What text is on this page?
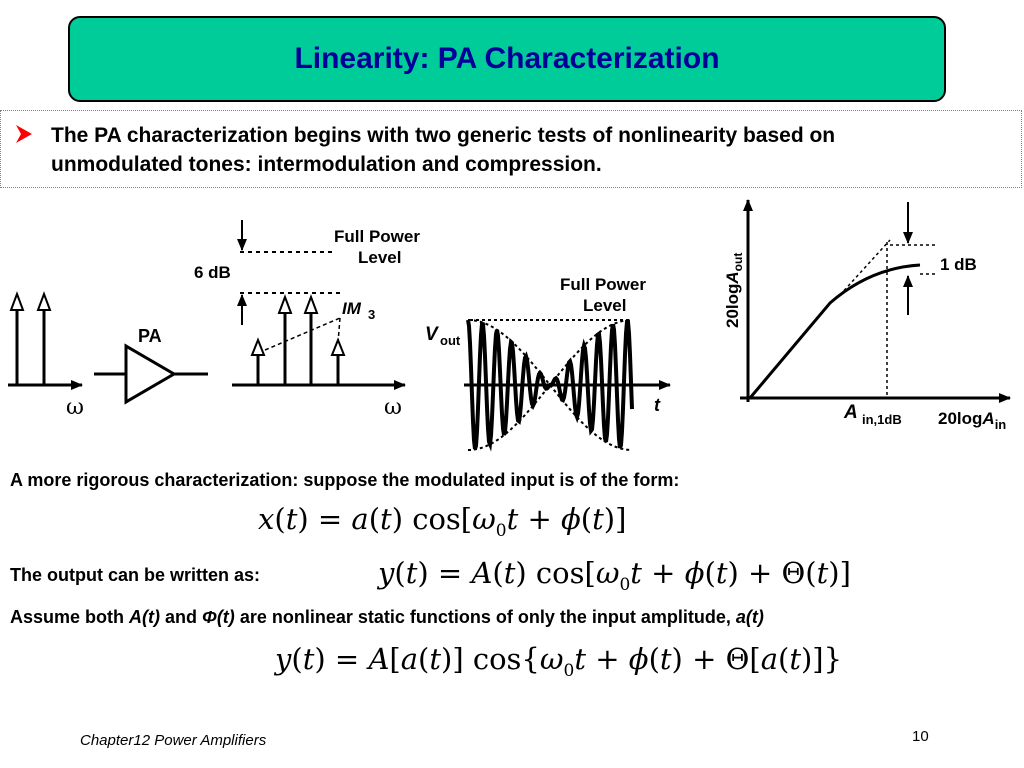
Linearity: PA Characterization
The PA characterization begins with two generic tests of nonlinearity based on
unmodulated tones: intermodulation and compression.
ω
PA
6 dB
Full Power
Level
IM 3
ω
V out
t
Full Power
Level
1 dB
20logA$_{out}$
A in,1dB 20logA$_{in}$
A more rigorous characterization: suppose the modulated input is of the form:
x(t) = a(t) $\cos[\omega_0t + \phi(t)]$
The output can be written as:	y(t) = A(t) $\cos[\omega_0t + \phi(t) + \Theta(t)]$
Assume both A(t) and Φ(t) are nonlinear static functions of only the input amplitude, a(t)
y(t) = A[a(t)] $\cos\{\omega_0t + \phi(t) + \Theta[a(t)]\}$
Chapter12 Power Amplifiers	10
